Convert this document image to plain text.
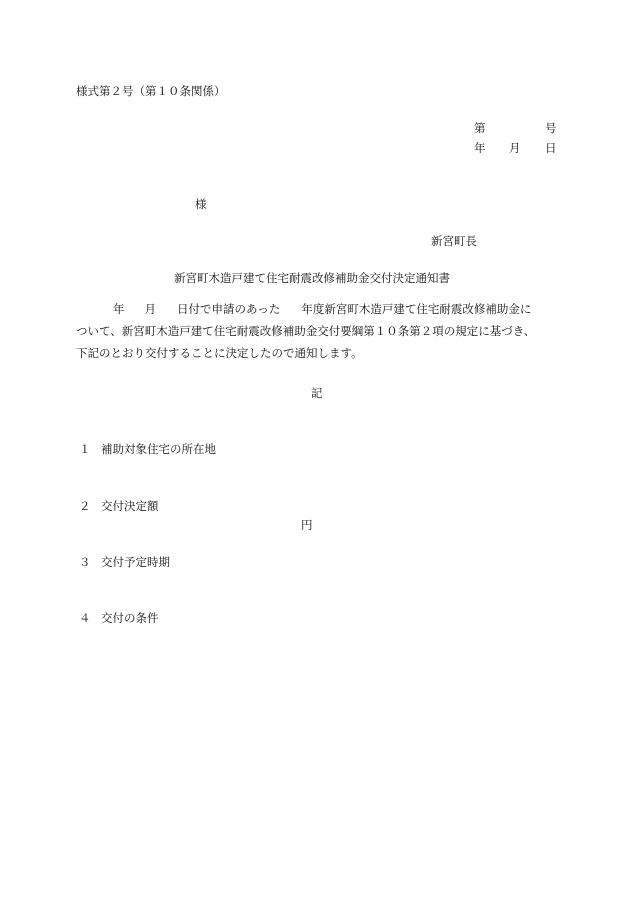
様式第２号（第１０条関係）
第	号
年 月 日
様
新宮町長
新宮町木造戸建て住宅耐震改修補助金交付決定通知書
年 月 日付で申請のあった 年度新宮町木造戸建て住宅耐震改修補助金に
ついて、新宮町木造戸建て住宅耐震改修補助金交付要綱第１０条第２項の規定に基づき、
下記のとおり交付することに決定したので通知します。
記
１ 補助対象住宅の所在地
２ 交付決定額
円
３ 交付予定時期
４ 交付の条件
